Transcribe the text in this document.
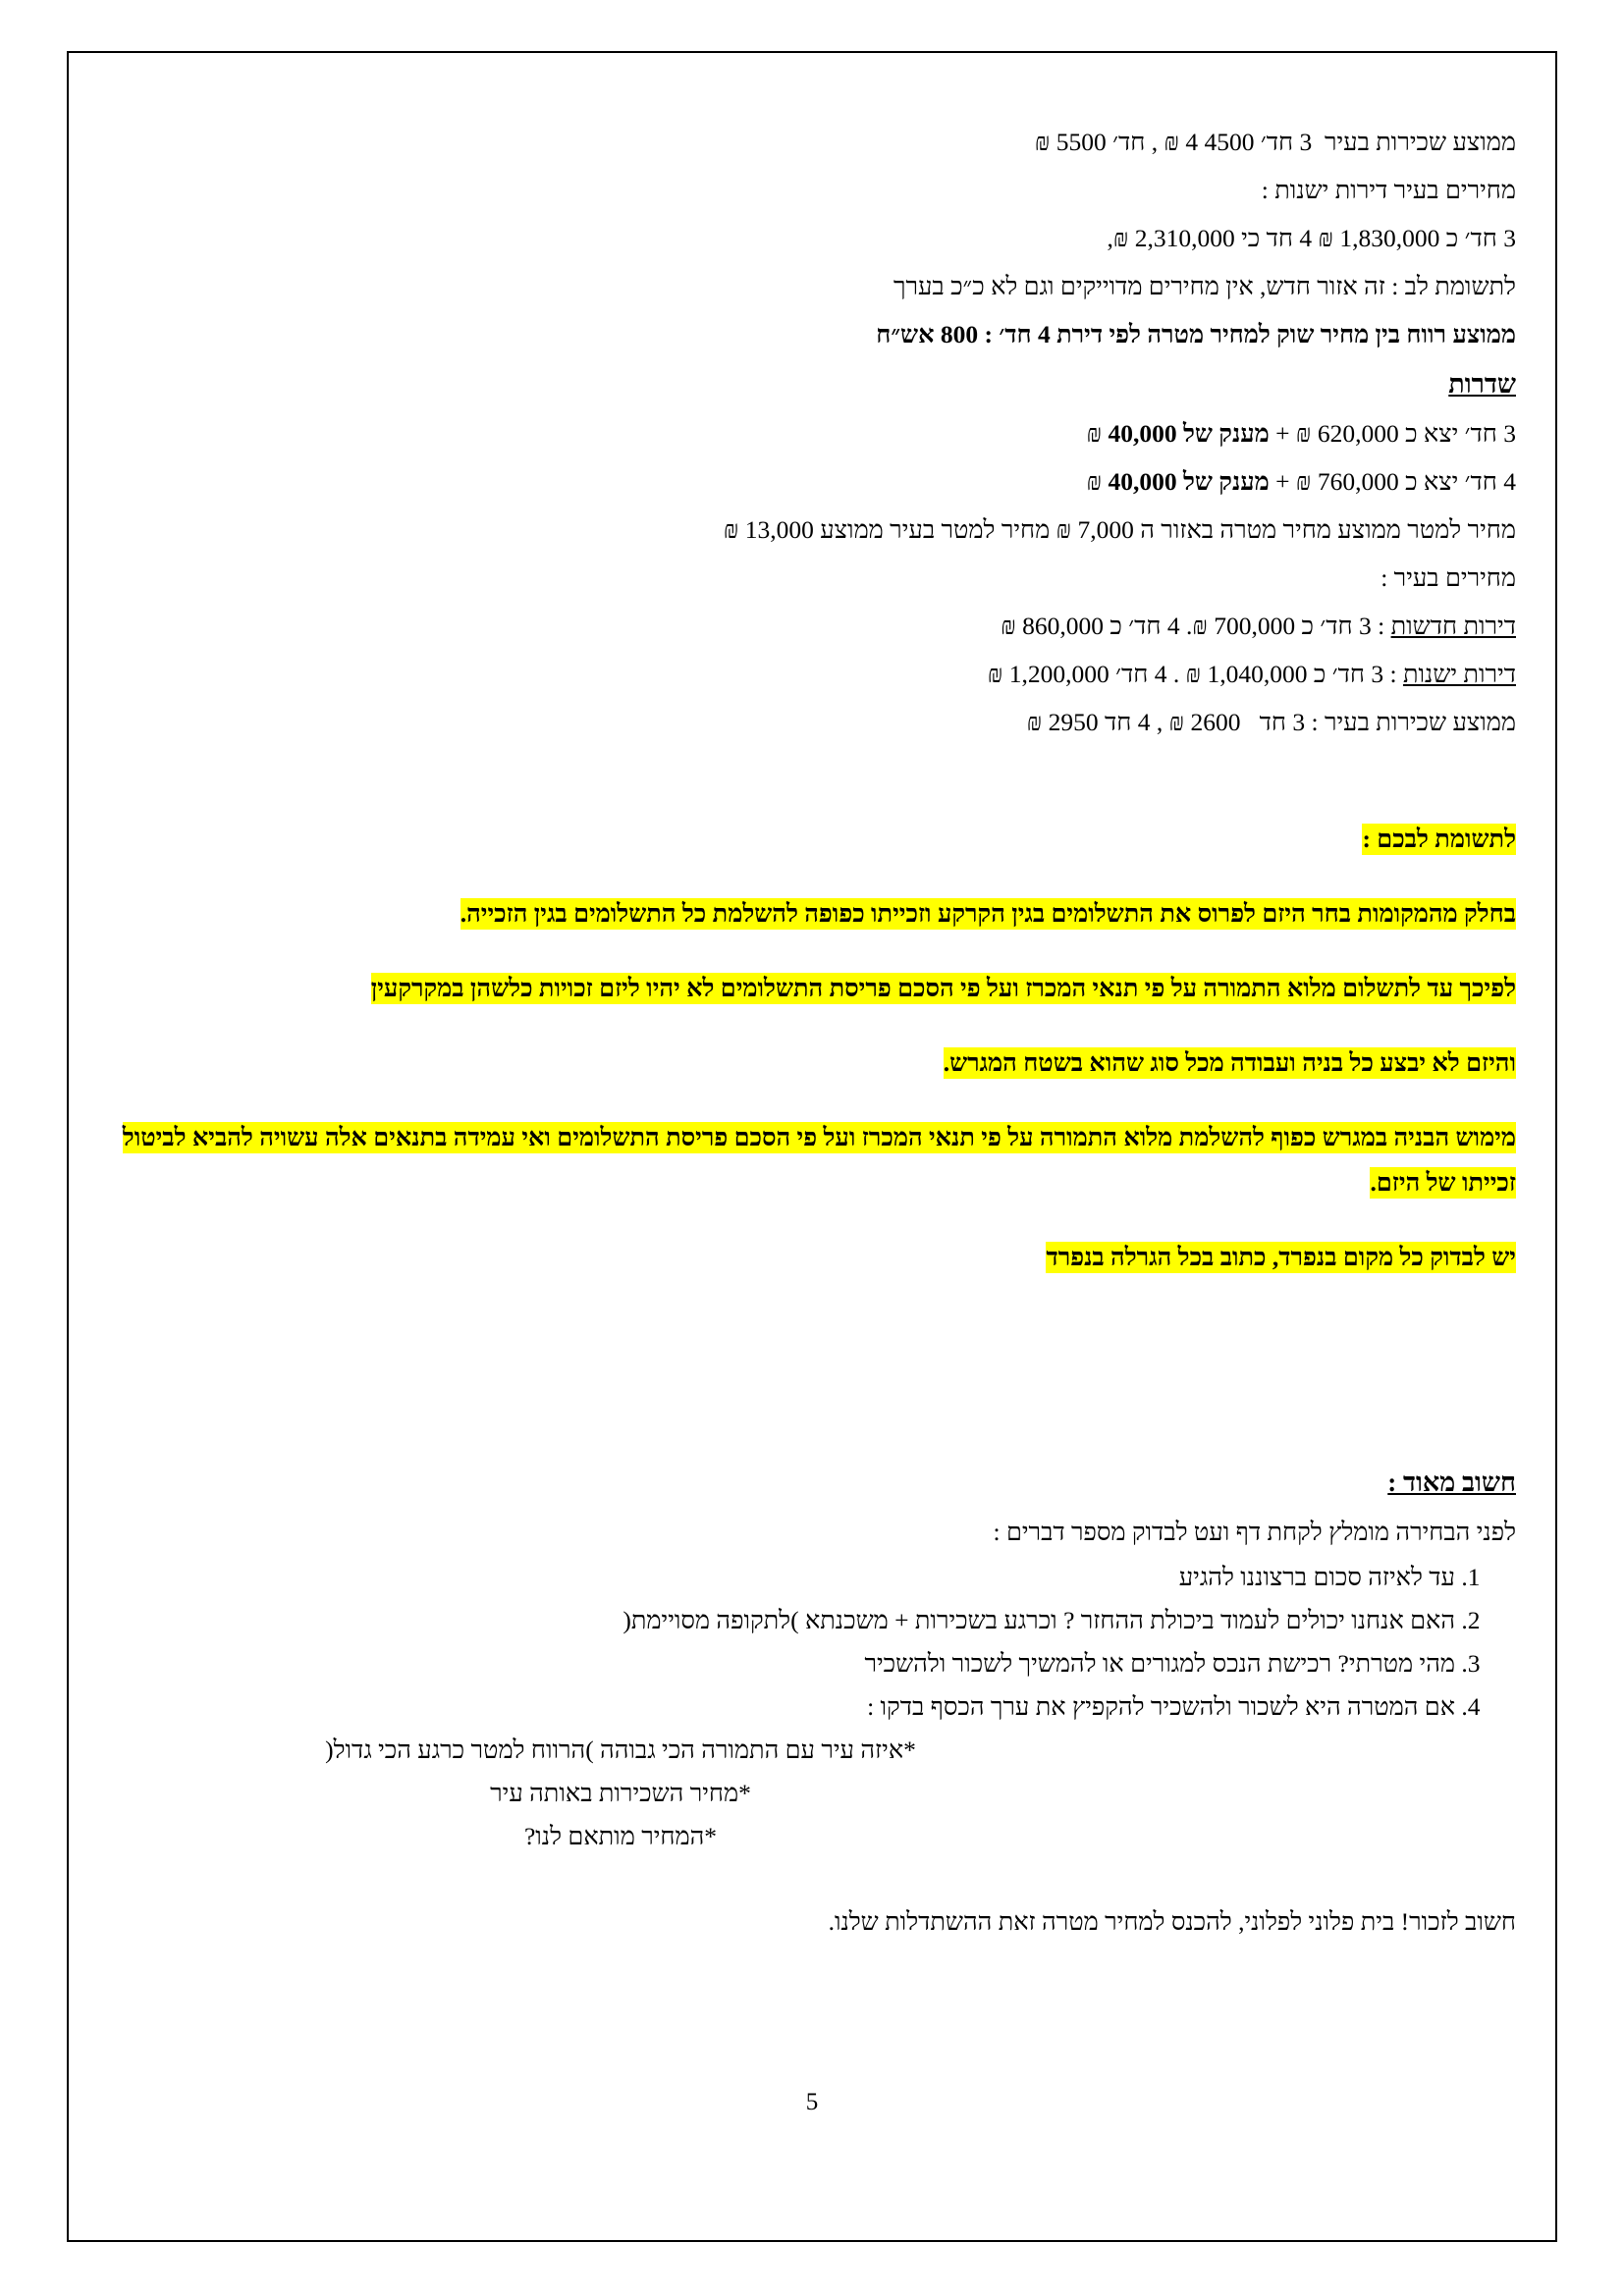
ממוצע שכירות בעיר  3 חד׳ 4500 4 ₪ , חד׳ 5500 ₪
מחירים בעיר דירות ישנות :
3 חד׳ כ 1,830,000 ₪ 4 חד כי 2,310,000 ₪,
לתשומת לב : זה אזור חדש, אין מחירים מדוייקים וגם לא כ״כ בערך
ממוצע רווח בין מחיר שוק למחיר מטרה לפי דירת 4 חד׳ : 800 אש״ח
שדרות
3 חד׳ יצא כ 620,000 ₪ + מענק של 40,000 ₪
4 חד׳ יצא כ 760,000 ₪ + מענק של 40,000 ₪
מחיר למטר ממוצע מחיר מטרה באזור ה 7,000 ₪ מחיר למטר בעיר ממוצע 13,000 ₪
מחירים בעיר :
דירות חדשות : 3 חד׳ כ 700,000 ₪. 4 חד׳ כ 860,000 ₪
דירות ישנות : 3 חד׳ כ 1,040,000 ₪ . 4 חד׳ 1,200,000 ₪
ממוצע שכירות בעיר : 3 חד   2600 ₪ , 4 חד 2950 ₪
לתשומת לבכם :
בחלק מהמקומות בחר היזם לפרוס את התשלומים בגין הקרקע וזכייתו כפופה להשלמת כל התשלומים בגין הזכייה.
לפיכך עד לתשלום מלוא התמורה על פי תנאי המכרז ועל פי הסכם פריסת התשלומים לא יהיו ליזם זכויות כלשהן במקרקעין
והיזם לא יבצע כל בניה ועבודה מכל סוג שהוא בשטח המגרש.
מימוש הבניה במגרש כפוף להשלמת מלוא התמורה על פי תנאי המכרז ועל פי הסכם פריסת התשלומים ואי עמידה בתנאים אלה עשויה להביא לביטול זכייתו של היזם.
יש לבדוק כל מקום בנפרד, כתוב בכל הגרלה בנפרד
חשוב מאוד :
לפני הבחירה מומלץ לקחת דף ועט לבדוק מספר דברים :
1. עד לאיזה סכום ברצוננו להגיע
2. האם אנחנו יכולים לעמוד ביכולת ההחזר ? וכרגע בשכירות + משכנתא )לתקופה מסויימת(
3. מהי מטרתי? רכישת הנכס למגורים או להמשיך לשכור ולהשכיר
4. אם המטרה היא לשכור ולהשכיר להקפיץ את ערך הכסף בדקו :
*איזה עיר עם התמורה הכי גבוהה )הרווח למטר כרגע הכי גדול(
*מחיר השכירות באותה עיר
*המחיר מותאם לנו?
חשוב לזכור! בית פלוני לפלוני, להכנס למחיר מטרה זאת ההשתדלות שלנו.
5
